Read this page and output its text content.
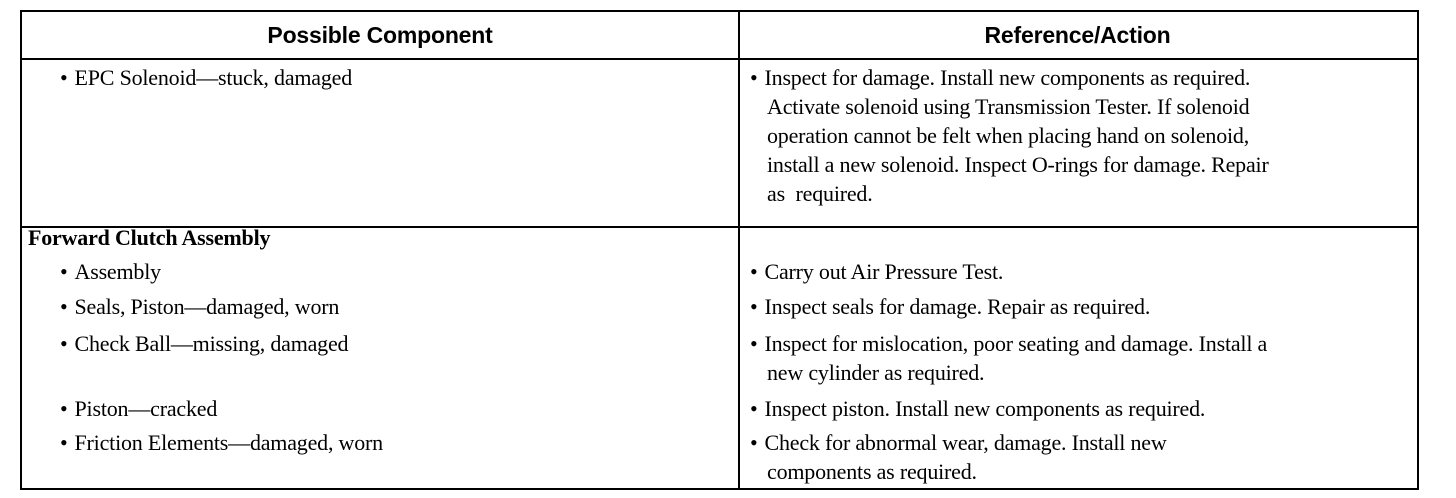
Possible Component	Reference/Action
• EPC Solenoid—stuck, damaged	• Inspect for damage. Install new components as required.
Activate solenoid using Transmission Tester. If solenoid
operation cannot be felt when placing hand on solenoid,
install a new solenoid. Inspect O-rings for damage. Repair
as  required.
Forward Clutch Assembly
• Assembly
• Seals, Piston—damaged, worn
• Check Ball—missing, damaged
• Piston—cracked
• Friction Elements—damaged, worn
• Carry out Air Pressure Test.
• Inspect seals for damage. Repair as required.
• Inspect for mislocation, poor seating and damage. Install a
new cylinder as required.
• Inspect piston. Install new components as required.
• Check for abnormal wear, damage. Install new
components as required.
